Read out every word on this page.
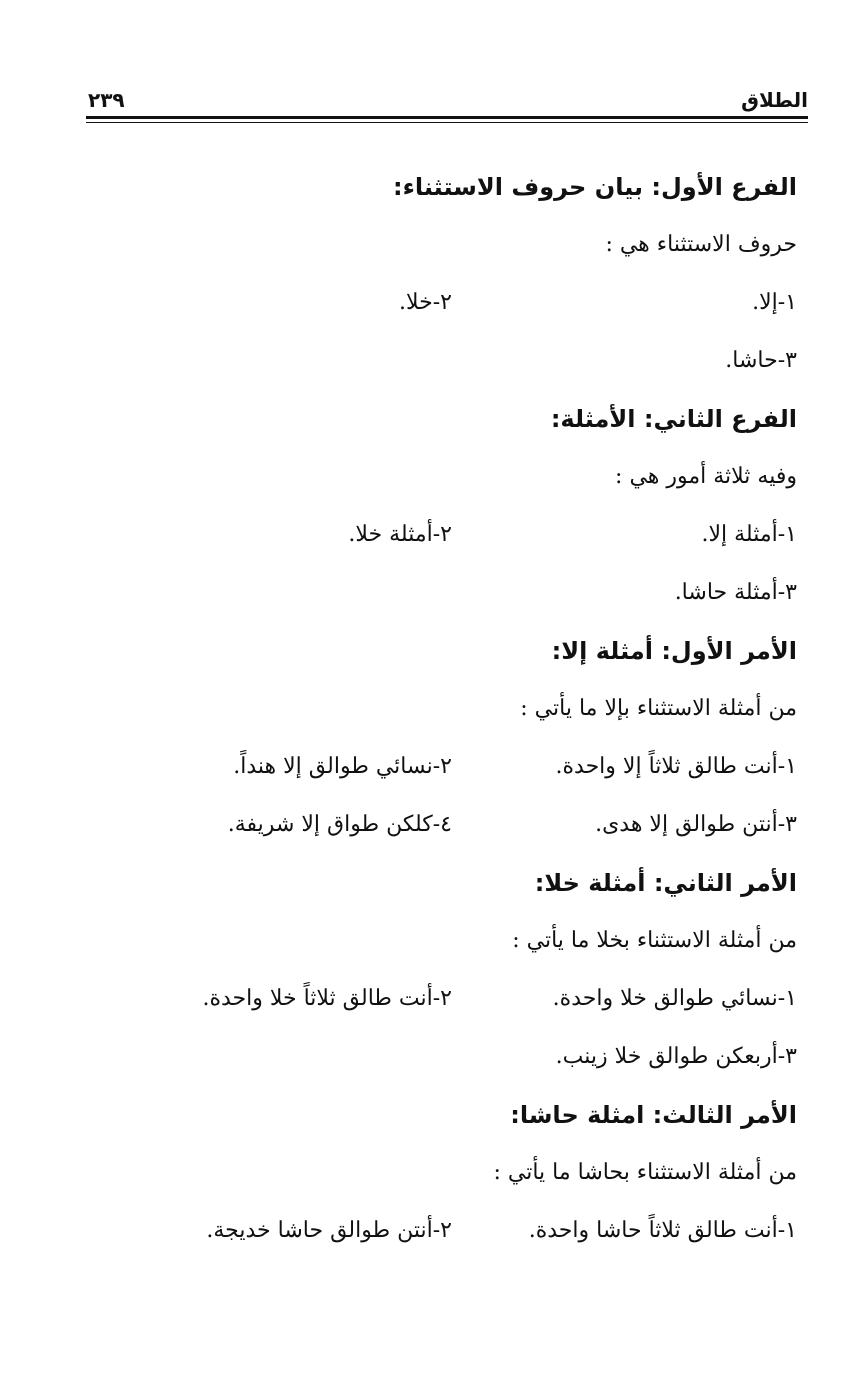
الطلاق
٢٣٩
الفرع الأول: بيان حروف الاستثناء:
حروف الاستثناء هي :
١-إلا.
٢-خلا.
٣-حاشا.
الفرع الثاني: الأمثلة:
وفيه ثلاثة أمور هي :
١-أمثلة إلا.
٢-أمثلة خلا.
٣-أمثلة حاشا.
الأمر الأول: أمثلة إلا:
من أمثلة الاستثناء بإلا ما يأتي :
١-أنت طالق ثلاثاً إلا واحدة.
٢-نسائي طوالق إلا هنداً.
٣-أنتن طوالق إلا هدى.
٤-كلكن طواق إلا شريفة.
الأمر الثاني: أمثلة خلا:
من أمثلة الاستثناء بخلا ما يأتي :
١-نسائي طوالق خلا واحدة.
٢-أنت طالق ثلاثاً خلا واحدة.
٣-أربعكن طوالق خلا زينب.
الأمر الثالث: امثلة حاشا:
من أمثلة الاستثناء بحاشا ما يأتي :
١-أنت طالق ثلاثاً حاشا واحدة.
٢-أنتن طوالق حاشا خديجة.
